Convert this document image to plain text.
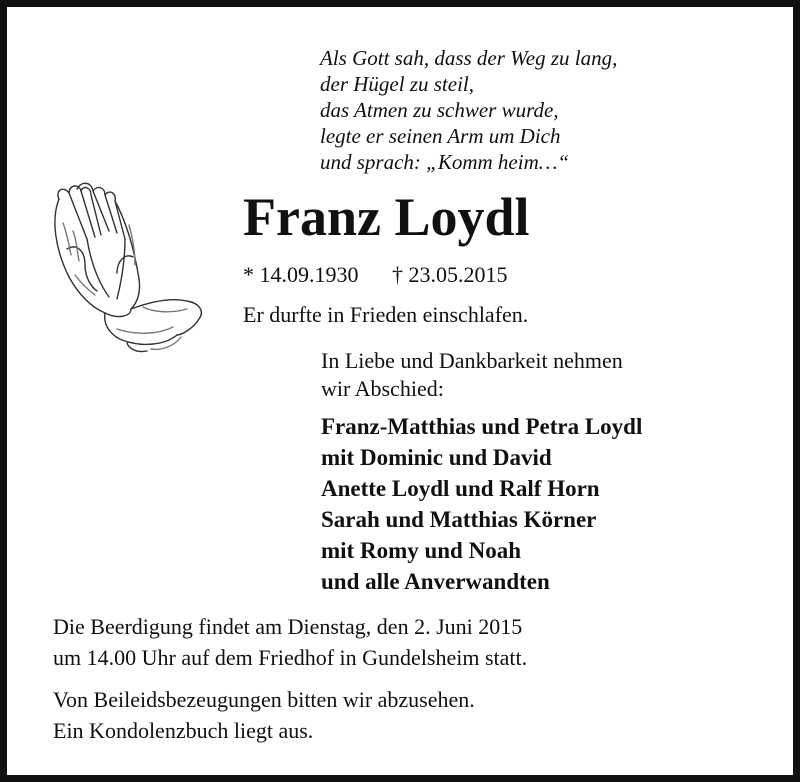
Als Gott sah, dass der Weg zu lang,
der Hügel zu steil,
das Atmen zu schwer wurde,
legte er seinen Arm um Dich
und sprach: „Komm heim…“
Franz Loydl
* 14.09.1930 † 23.05.2015
Er durfte in Frieden einschlafen.
In Liebe und Dankbarkeit nehmen
wir Abschied:
Franz-Matthias und Petra Loydl
mit Dominic und David
Anette Loydl und Ralf Horn
Sarah und Matthias Körner
mit Romy und Noah
und alle Anverwandten
Die Beerdigung findet am Dienstag, den 2. Juni 2015
um 14.00 Uhr auf dem Friedhof in Gundelsheim statt.
Von Beileidsbezeugungen bitten wir abzusehen.
Ein Kondolenzbuch liegt aus.
